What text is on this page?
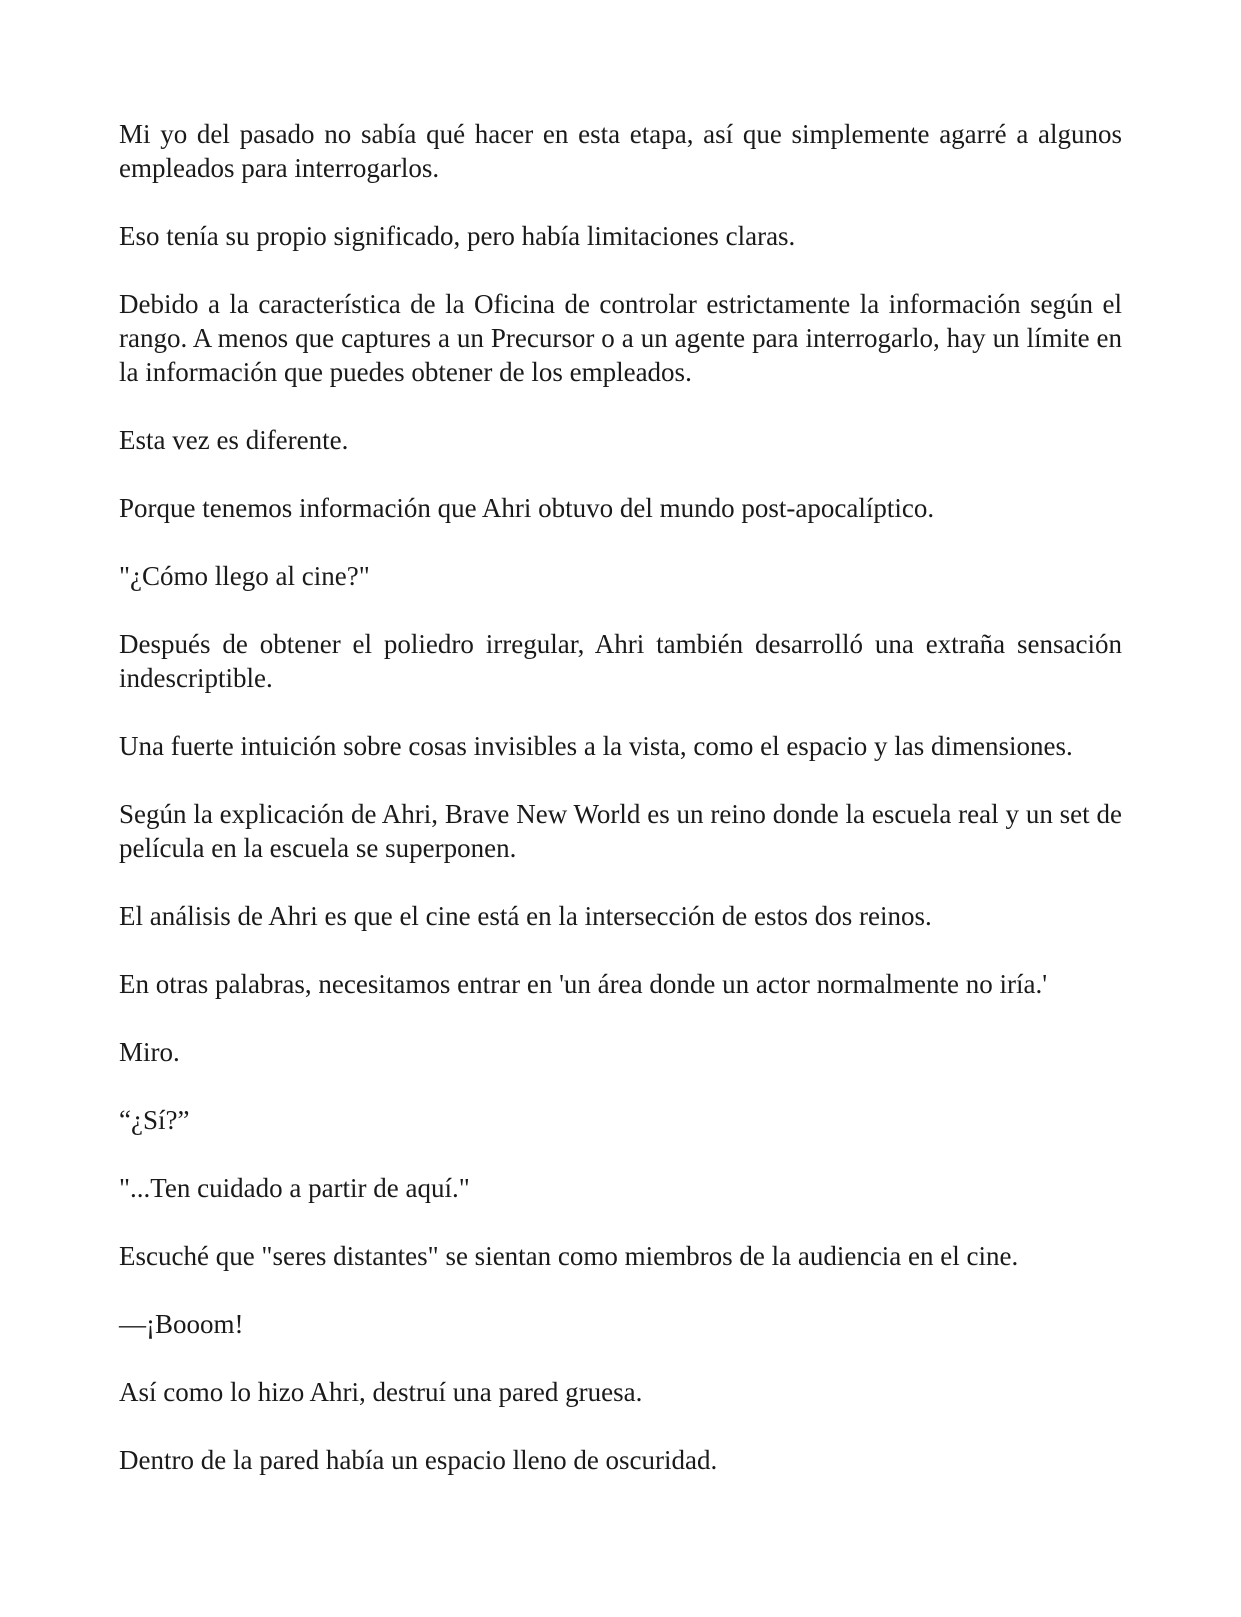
Mi yo del pasado no sabía qué hacer en esta etapa, así que simplemente agarré a algunos empleados para interrogarlos.

Eso tenía su propio significado, pero había limitaciones claras.

Debido a la característica de la Oficina de controlar estrictamente la información según el rango. A menos que captures a un Precursor o a un agente para interrogarlo, hay un límite en la información que puedes obtener de los empleados.

Esta vez es diferente.

Porque tenemos información que Ahri obtuvo del mundo post-apocalíptico.

"¿Cómo llego al cine?"

Después de obtener el poliedro irregular, Ahri también desarrolló una extraña sensación indescriptible.

Una fuerte intuición sobre cosas invisibles a la vista, como el espacio y las dimensiones.

Según la explicación de Ahri, Brave New World es un reino donde la escuela real y un set de película en la escuela se superponen.

El análisis de Ahri es que el cine está en la intersección de estos dos reinos.

En otras palabras, necesitamos entrar en 'un área donde un actor normalmente no iría.'

Miro.

“¿Sí?”

"...Ten cuidado a partir de aquí."

Escuché que "seres distantes" se sientan como miembros de la audiencia en el cine.

—¡Booom!

Así como lo hizo Ahri, destruí una pared gruesa.

Dentro de la pared había un espacio lleno de oscuridad.
